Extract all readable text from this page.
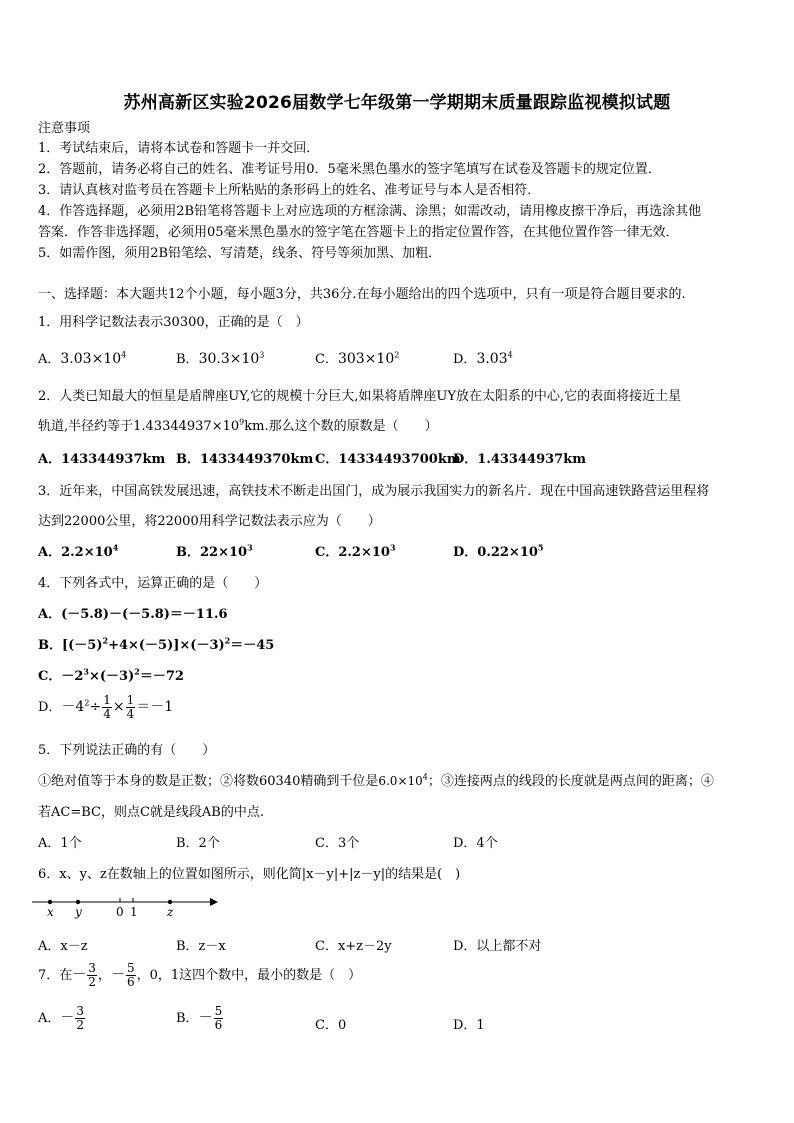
苏州高新区实验2026届数学七年级第一学期期末质量跟踪监视模拟试题
注意事项
1．考试结束后，请将本试卷和答题卡一并交回．
2．答题前，请务必将自己的姓名、准考证号用0．5毫米黑色墨水的签字笔填写在试卷及答题卡的规定位置．
3．请认真核对监考员在答题卡上所粘贴的条形码上的姓名、准考证号与本人是否相符．
4．作答选择题，必须用2B铅笔将答题卡上对应选项的方框涂满、涂黑；如需改动，请用橡皮擦干净后，再选涂其他
答案．作答非选择题，必须用05毫米黑色墨水的签字笔在答题卡上的指定位置作答，在其他位置作答一律无效．
5．如需作图，须用2B铅笔绘、写清楚，线条、符号等须加黑、加粗．
一、选择题：本大题共12个小题，每小题3分，共36分.在每小题给出的四个选项中，只有一项是符合题目要求的.
1．用科学记数法表示30300，正确的是（　）
A．$3.03\times 10^4$	B．$30.3\times 10^3$	C．$303\times 10^2$	D．3.03$^4$
2．人类已知最大的恒星是盾牌座UY,它的规模十分巨大,如果将盾牌座UY放在太阳系的中心,它的表面将接近土星
轨道,半径约等于$1.43344937\times 10^9km$.那么这个数的原数是（　　）
A．143344937km B．1433449370km C．14334493700km
D．1.43344937km
3．近年来，中国高铁发展迅速，高铁技术不断走出国门，成为展示我国实力的新名片．现在中国高速铁路营运里程将
达到22000公里，将22000用科学记数法表示应为（　　）
A．$2.2\times 10^4$	B．$22\times 10^3$	C．$2.2\times 10^3$	D．$0.22\times 10^5$
4．下列各式中，运算正确的是（　　）
A．(－5.8)－(－5.8)＝－11.6
B．$[(-5)^2+4\times(-5)]\times(-3)^2=-45$
C．$-2^3\times(-3)^2=-72$
D．$-4^2\div \frac{1}{4} \times \frac{1}{4} =-1$
5．下列说法正确的有（　　）
①绝对值等于本身的数是正数；②将数60340精确到千位是$6.0\times 10^4$；③连接两点的线段的长度就是两点间的距离；④
若AC=BC，则点C就是线段AB的中点.
A．1个	B．2个	C．3个	D．4个
6．x、y、z在数轴上的位置如图所示，则化简|x－y|+|z－y|的结果是(　)
x y	0 1 z
A．x－z	B．z－x	C．x+z－2y	D．以上都不对
7．在－ $\frac{3}{2}$ ，－ $\frac{5}{6}$ ，0，1这四个数中，最小的数是（　）
A．－ $\frac{3}{2}$	B．－ $\frac{5}{6}$	C．0	D．1
